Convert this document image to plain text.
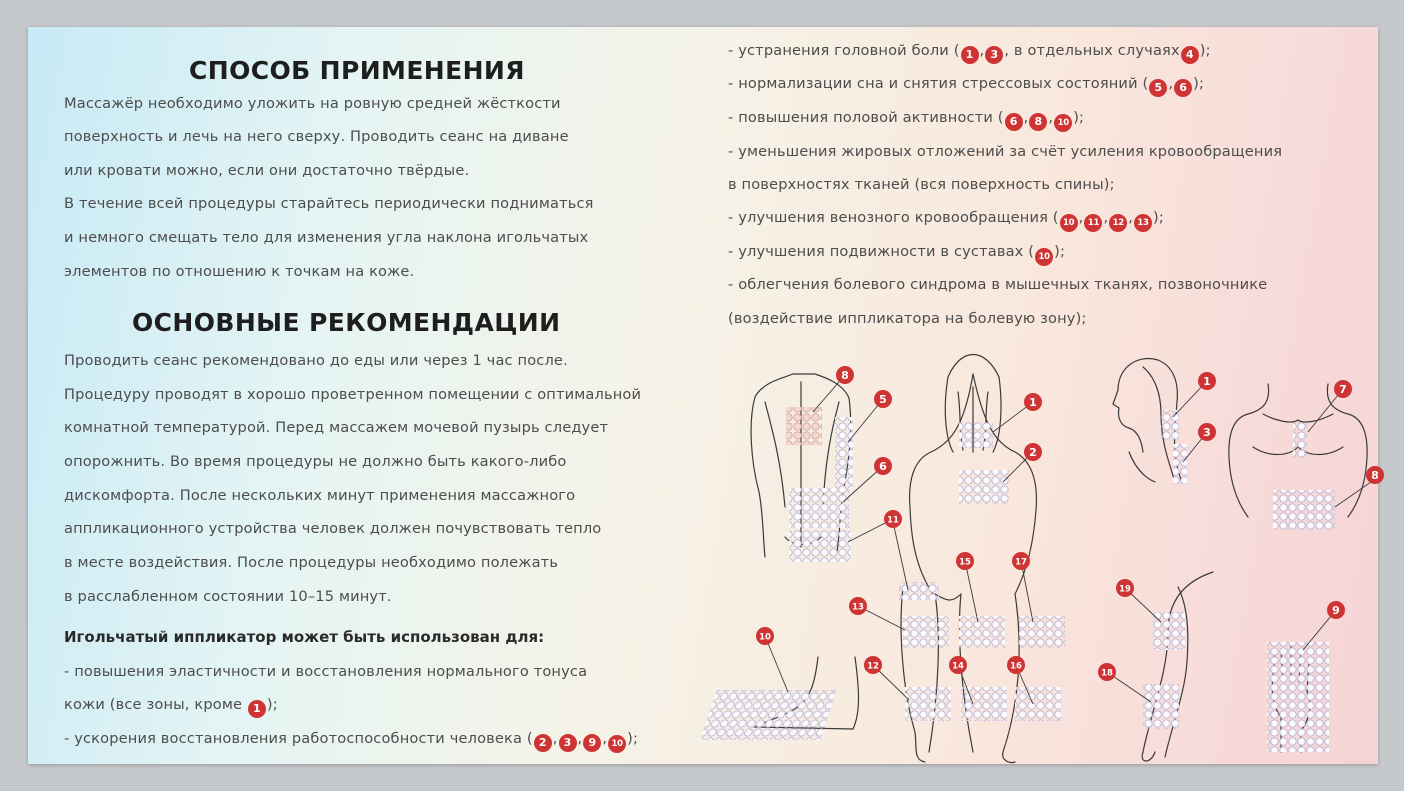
СПОСОБ ПРИМЕНЕНИЯ
Массажёр необходимо уложить на ровную средней жёсткости
поверхность и лечь на него сверху. Проводить сеанс на диване
или кровати можно, если они достаточно твёрдые.
В течение всей процедуры старайтесь периодически подниматься
и немного смещать тело для изменения угла наклона игольчатых
элементов по отношению к точкам на коже.
ОСНОВНЫЕ РЕКОМЕНДАЦИИ
Проводить сеанс рекомендовано до еды или через 1 час после.
Процедуру проводят в хорошо проветренном помещении с оптимальной
комнатной температурой. Перед массажем мочевой пузырь следует
опорожнить. Во время процедуры не должно быть какого-либо
дискомфорта. После нескольких минут применения массажного
аппликационного устройства человек должен почувствовать тепло
в месте воздействия. После процедуры необходимо полежать
в расслабленном состоянии 10–15 минут.
Игольчатый иппликатор может быть использован для:
- повышения эластичности и восстановления нормального тонуса
кожи (все зоны, кроме 1 );
- ускорения восстановления работоспособности человека ( 2 , 3 , 9 , 10 );
- устранения головной боли ( 1 , 3 , в отдельных случаях 4 );
- нормализации сна и снятия стрессовых состояний ( 5 , 6 );
- повышения половой активности ( 6 , 8 , 10 );
- уменьшения жировых отложений за счёт усиления кровообращения
в поверхностях тканей (вся поверхность спины);
- улучшения венозного кровообращения ( 10 , 11 , 12 , 13 );
- улучшения подвижности в суставах ( 10 );
- облегчения болевого синдрома в мышечных тканях, позвоночнике
(воздействие иппликатора на болевую зону);
8
5
6
11
1
2
1
3
7
8
10
13
12
15
14
17
16
19
18
9
